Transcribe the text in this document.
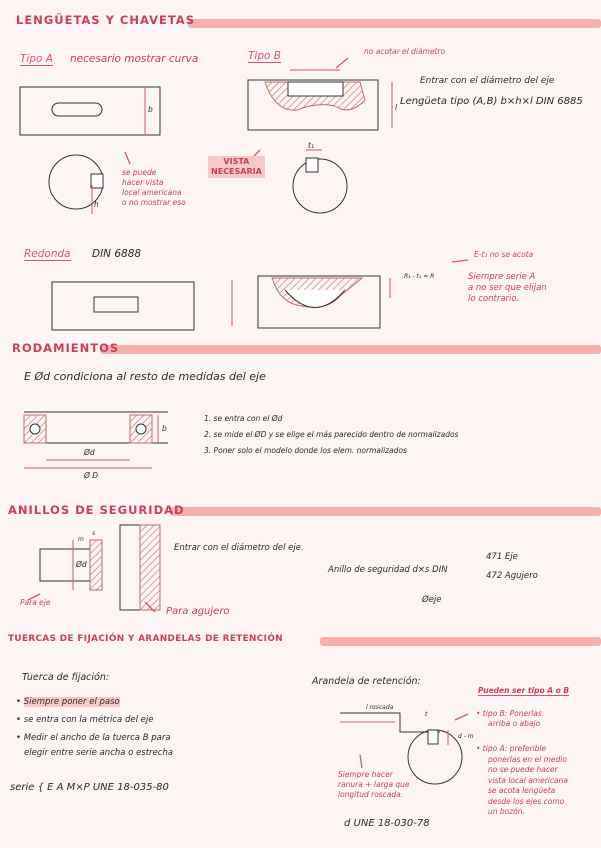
LENGÜETAS Y CHAVETAS
Tipo A necesario mostrar curva	Tipo B	no acotar el diámetro
Entrar con el diámetro del eje
Lengüeta tipo (A,B) b×h×l DIN 6885
b	l
t₁
h
se puede
hacer vista
local americana
o no mostrar eso
VISTA
NECESARIA
Redonda DIN 6888	E-t₁ no se acota
R₁ - t₁ = R	Siempre serie A
a no ser que elijan
lo contrario.
RODAMIENTOS
E Ød condiciona al resto de medidas del eje
b
Ød
Ø D
1. se entra con el Ød
2. se mide el ØD y se elige el más parecido dentro de normalizados
3. Poner solo el modelo donde los elem. normalizados
ANILLOS DE SEGURIDAD
Entrar con el diámetro del eje.
Anillo de seguridad d×s DIN
471 Eje
472 Agujero
Øeje
Ød
m
s
Para eje
Para agujero
TUERCAS DE FIJACIÓN Y ARANDELAS DE RETENCIÓN
Tuerca de fijación:
• Siempre poner el paso
• se entra con la métrica del eje
• Medir el ancho de la tuerca B para
elegir entre serie ancha o estrecha
serie { E A M×P UNE 18-035-80
Arandela de retención:
l roscada
t
d - m
Siempre hacer
ranura + larga que
longitud roscada.
d UNE 18-030-78
Pueden ser tipo A o B
• tipo B: Ponerlas
arriba o abajo
• tipo A: preferible
ponerlas en el medio
no se puede hacer
vista local americana
se acota lengüeta
desde los ejes como
un bozón.
